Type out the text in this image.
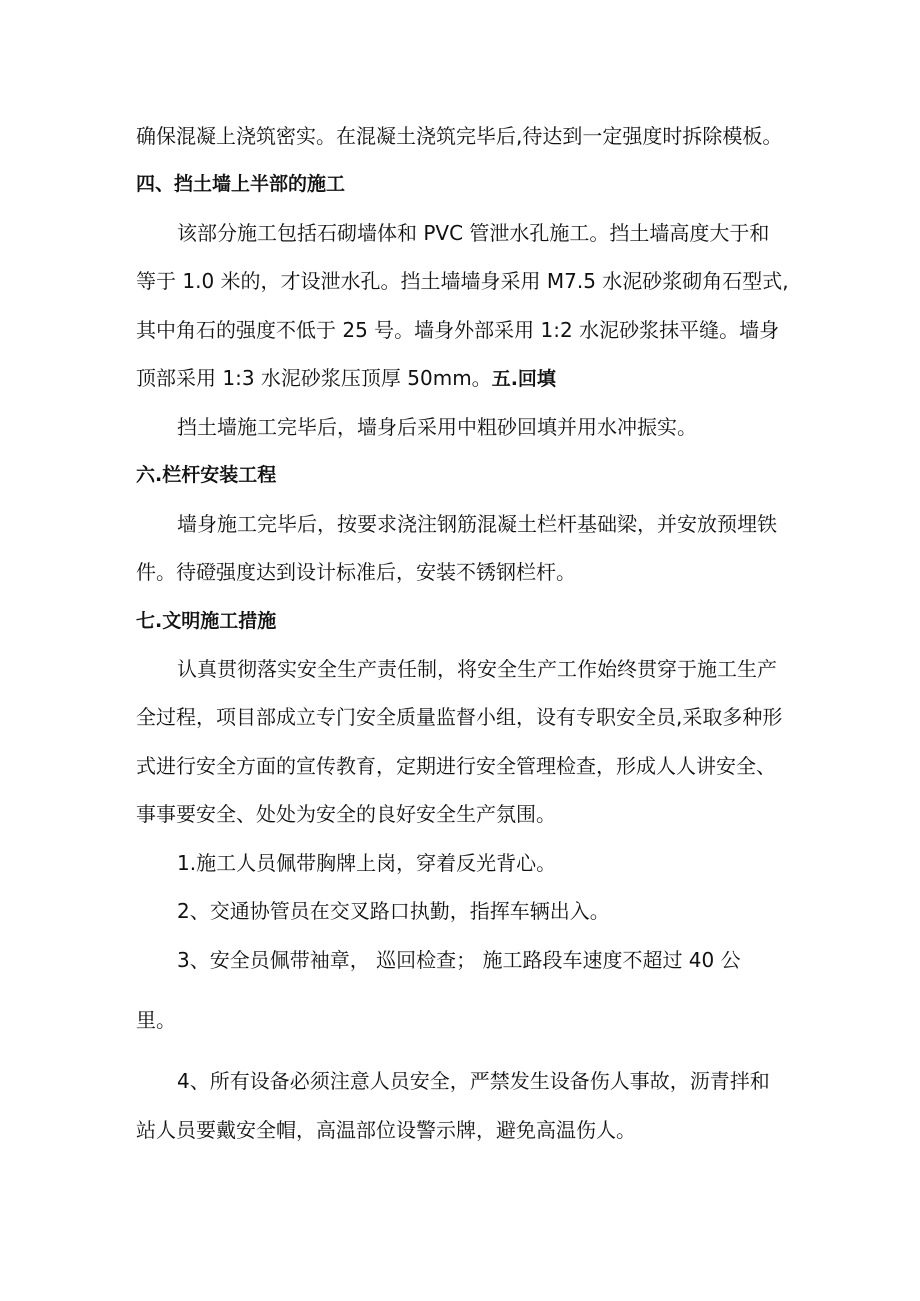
确保混凝上浇筑密实。在混凝土浇筑完毕后,待达到一定强度时拆除模板。
四、挡土墙上半部的施工
该部分施工包括石砌墙体和 PVC 管泄水孔施工。挡土墙高度大于和
等于 1.0 米的，才设泄水孔。挡土墙墙身采用 M7.5 水泥砂浆砌角石型式,
其中角石的强度不低于 25 号。墙身外部采用 1:2 水泥砂浆抹平缝。墙身
顶部采用 1:3 水泥砂浆压顶厚 50mm。五.回填
挡土墙施工完毕后，墙身后采用中粗砂回填并用水冲振实。
六.栏杆安装工程
墙身施工完毕后，按要求浇注钢筋混凝土栏杆基础梁，并安放预埋铁
件。待磴强度达到设计标准后，安装不锈钢栏杆。
七.文明施工措施
认真贯彻落实安全生产责任制，将安全生产工作始终贯穿于施工生产
全过程，项目部成立专门安全质量监督小组，设有专职安全员,采取多种形
式进行安全方面的宣传教育，定期进行安全管理检查，形成人人讲安全、
事事要安全、处处为安全的良好安全生产氛围。
1.施工人员佩带胸牌上岗，穿着反光背心。
2、交通协管员在交叉路口执勤，指挥车辆出入。
3、安全员佩带袖章， 巡回检查； 施工路段车速度不超过 40 公
里。
4、所有设备必须注意人员安全，严禁发生设备伤人事故，沥青拌和
站人员要戴安全帽，高温部位设警示牌，避免高温伤人。
